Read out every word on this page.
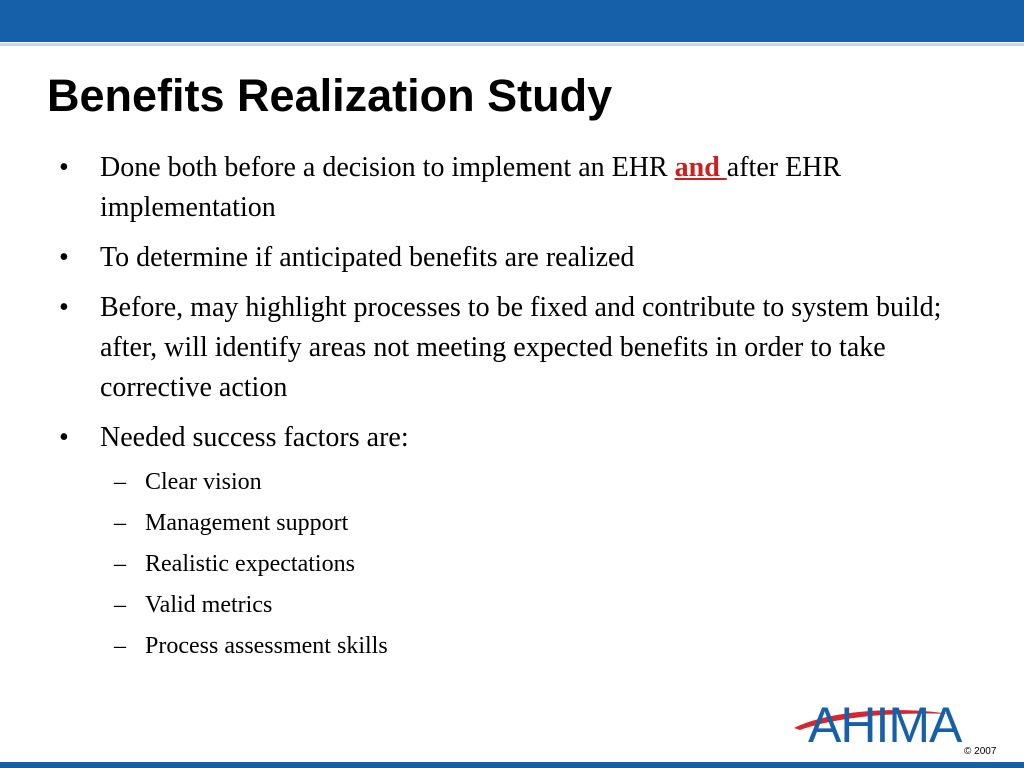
Benefits Realization Study
• Done both before a decision to implement an EHR and after EHR implementation
• To determine if anticipated benefits are realized
• Before, may highlight processes to be fixed and contribute to system build; after, will identify areas not meeting expected benefits in order to take corrective action
• Needed success factors are:
– Clear vision
– Management support
– Realistic expectations
– Valid metrics
– Process assessment skills
AHIMA © 2007
